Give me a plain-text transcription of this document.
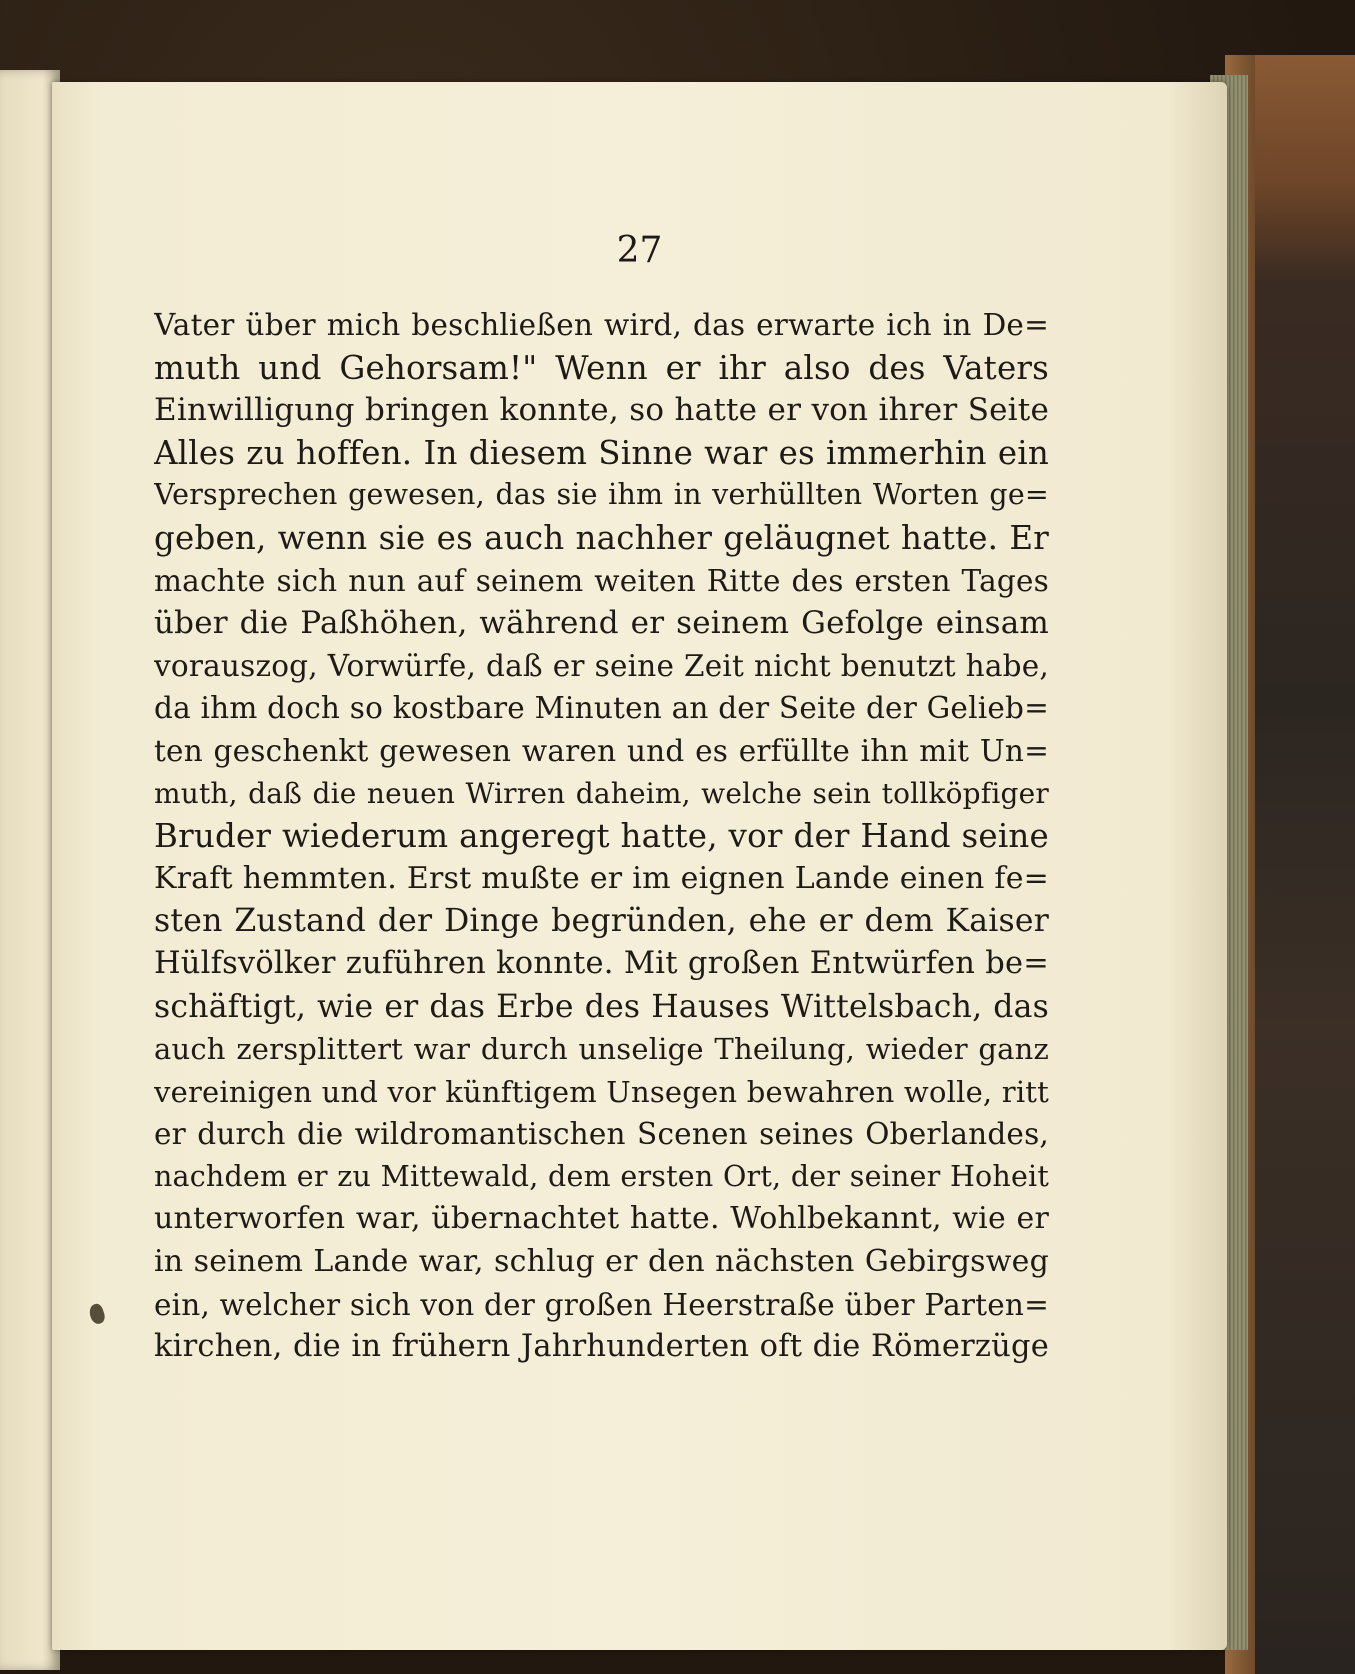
27
Vater über mich beschließen wird, das erwarte ich in De=
muth und Gehorsam!" Wenn er ihr also des Vaters
Einwilligung bringen konnte, so hatte er von ihrer Seite
Alles zu hoffen. In diesem Sinne war es immerhin ein
Versprechen gewesen, das sie ihm in verhüllten Worten ge=
geben, wenn sie es auch nachher geläugnet hatte. Er
machte sich nun auf seinem weiten Ritte des ersten Tages
über die Paßhöhen, während er seinem Gefolge einsam
vorauszog, Vorwürfe, daß er seine Zeit nicht benutzt habe,
da ihm doch so kostbare Minuten an der Seite der Gelieb=
ten geschenkt gewesen waren und es erfüllte ihn mit Un=
muth, daß die neuen Wirren daheim, welche sein tollköpfiger
Bruder wiederum angeregt hatte, vor der Hand seine
Kraft hemmten. Erst mußte er im eignen Lande einen fe=
sten Zustand der Dinge begründen, ehe er dem Kaiser
Hülfsvölker zuführen konnte. Mit großen Entwürfen be=
schäftigt, wie er das Erbe des Hauses Wittelsbach, das
auch zersplittert war durch unselige Theilung, wieder ganz
vereinigen und vor künftigem Unsegen bewahren wolle, ritt
er durch die wildromantischen Scenen seines Oberlandes,
nachdem er zu Mittewald, dem ersten Ort, der seiner Hoheit
unterworfen war, übernachtet hatte. Wohlbekannt, wie er
in seinem Lande war, schlug er den nächsten Gebirgsweg
ein, welcher sich von der großen Heerstraße über Parten=
kirchen, die in frühern Jahrhunderten oft die Römerzüge
